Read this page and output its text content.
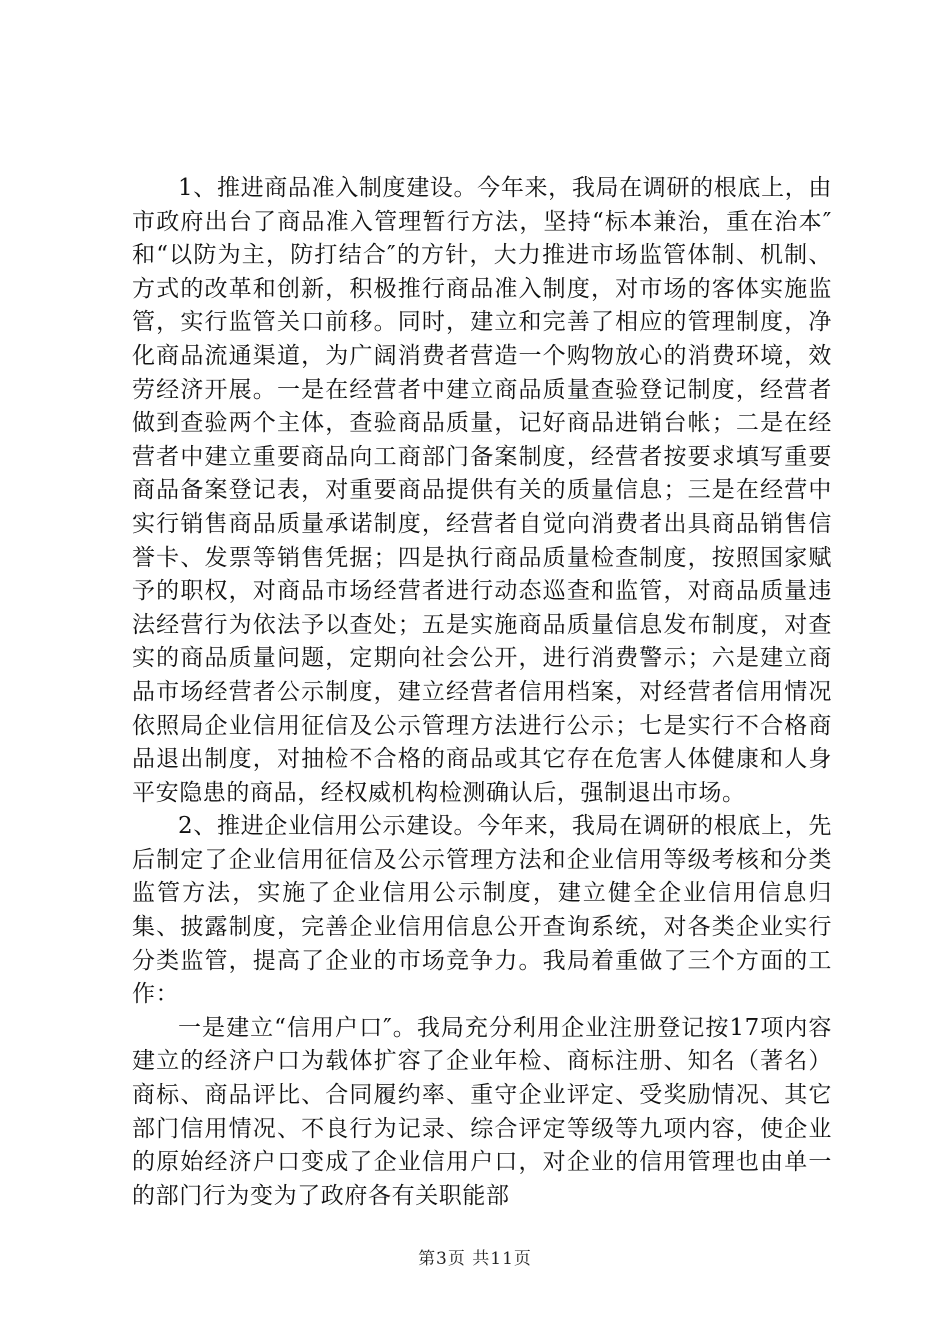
1、推进商品准入制度建设。今年来，我局在调研的根底上，由市政府出台了商品准入管理暂行方法，坚持“标本兼治，重在治本″和“以防为主，防打结合″的方针，大力推进市场监管体制、机制、方式的改革和创新，积极推行商品准入制度，对市场的客体实施监管，实行监管关口前移。同时，建立和完善了相应的管理制度，净化商品流通渠道，为广阔消费者营造一个购物放心的消费环境，效劳经济开展。一是在经营者中建立商品质量查验登记制度，经营者做到查验两个主体，查验商品质量，记好商品进销台帐；二是在经营者中建立重要商品向工商部门备案制度，经营者按要求填写重要商品备案登记表，对重要商品提供有关的质量信息；三是在经营中实行销售商品质量承诺制度，经营者自觉向消费者出具商品销售信誉卡、发票等销售凭据；四是执行商品质量检查制度，按照国家赋予的职权，对商品市场经营者进行动态巡查和监管，对商品质量违法经营行为依法予以查处；五是实施商品质量信息发布制度，对查实的商品质量问题，定期向社会公开，进行消费警示；六是建立商品市场经营者公示制度，建立经营者信用档案，对经营者信用情况依照局企业信用征信及公示管理方法进行公示；七是实行不合格商品退出制度，对抽检不合格的商品或其它存在危害人体健康和人身平安隐患的商品，经权威机构检测确认后，强制退出市场。

2、推进企业信用公示建设。今年来，我局在调研的根底上，先后制定了企业信用征信及公示管理方法和企业信用等级考核和分类监管方法，实施了企业信用公示制度，建立健全企业信用信息归集、披露制度，完善企业信用信息公开查询系统，对各类企业实行分类监管，提高了企业的市场竞争力。我局着重做了三个方面的工作：

一是建立“信用户口″。我局充分利用企业注册登记按17项内容建立的经济户口为载体扩容了企业年检、商标注册、知名（著名）商标、商品评比、合同履约率、重守企业评定、受奖励情况、其它部门信用情况、不良行为记录、综合评定等级等九项内容，使企业的原始经济户口变成了企业信用户口，对企业的信用管理也由单一的部门行为变为了政府各有关职能部

第3页 共11页
